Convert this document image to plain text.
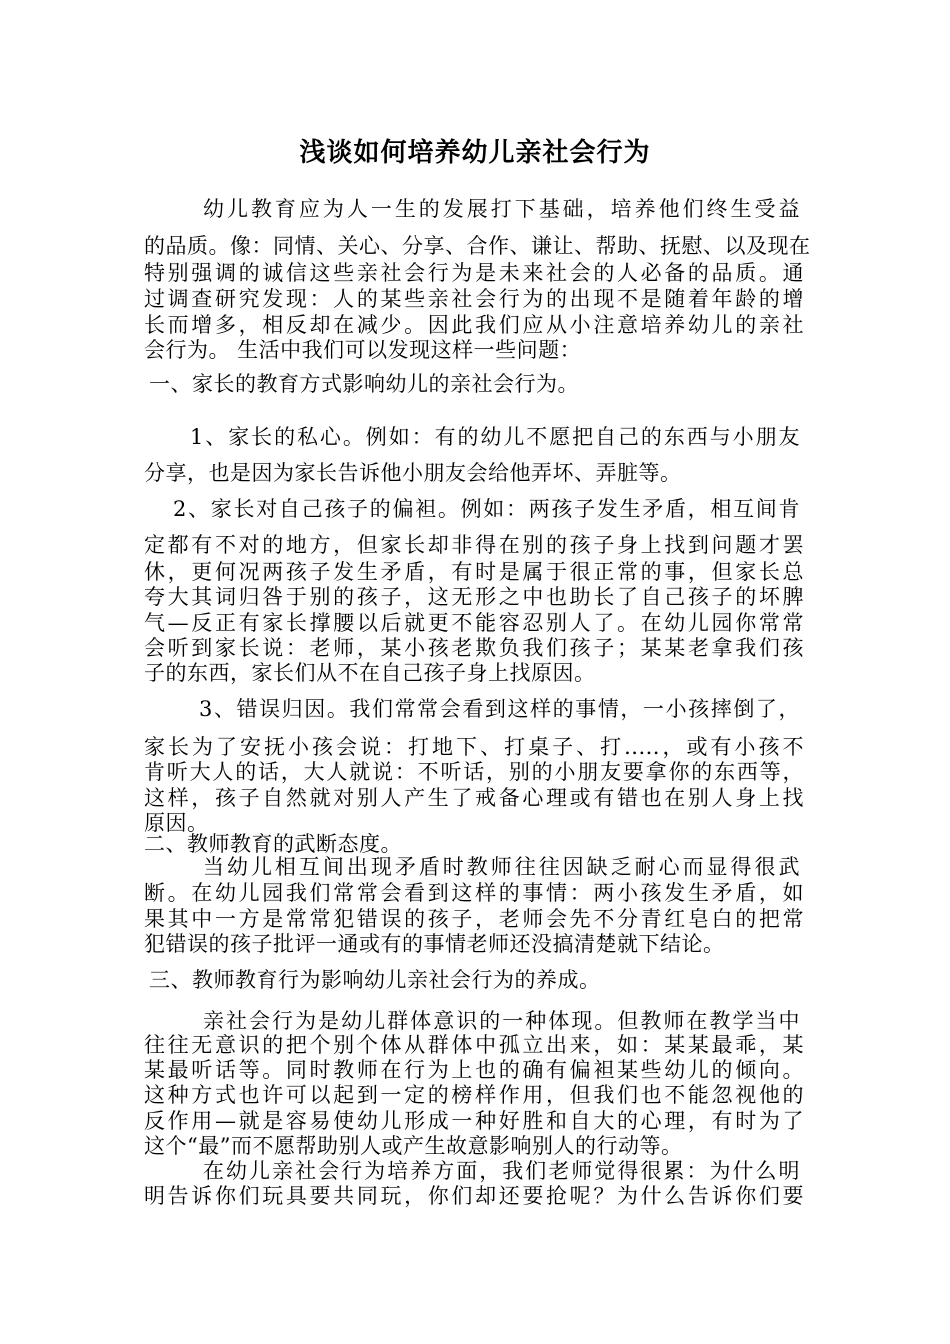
浅谈如何培养幼儿亲社会行为
幼儿教育应为人一生的发展打下基础，培养他们终生受益
的品质。像：同情、关心、分享、合作、谦让、帮助、抚慰、以及现在
特别强调的诚信这些亲社会行为是未来社会的人必备的品质。通
过调查研究发现：人的某些亲社会行为的出现不是随着年龄的增
长而增多，相反却在减少。因此我们应从小注意培养幼儿的亲社
会行为。 生活中我们可以发现这样一些问题：
一、家长的教育方式影响幼儿的亲社会行为。
1、家长的私心。例如：有的幼儿不愿把自己的东西与小朋友
分享，也是因为家长告诉他小朋友会给他弄坏、弄脏等。
2、家长对自己孩子的偏袒。例如：两孩子发生矛盾，相互间肯
定都有不对的地方，但家长却非得在别的孩子身上找到问题才罢
休，更何况两孩子发生矛盾，有时是属于很正常的事，但家长总
夸大其词归咎于别的孩子，这无形之中也助长了自己孩子的坏脾
气—反正有家长撑腰以后就更不能容忍别人了。在幼儿园你常常
会听到家长说：老师，某小孩老欺负我们孩子；某某老拿我们孩
子的东西，家长们从不在自己孩子身上找原因。
3、错误归因。我们常常会看到这样的事情，一小孩摔倒了，
家长为了安抚小孩会说：打地下、打桌子、打.....，或有小孩不
肯听大人的话，大人就说：不听话，别的小朋友要拿你的东西等，
这样，孩子自然就对别人产生了戒备心理或有错也在别人身上找
原因。
二、教师教育的武断态度。
当幼儿相互间出现矛盾时教师往往因缺乏耐心而显得很武
断。在幼儿园我们常常会看到这样的事情：两小孩发生矛盾，如
果其中一方是常常犯错误的孩子，老师会先不分青红皂白的把常
犯错误的孩子批评一通或有的事情老师还没搞清楚就下结论。
三、教师教育行为影响幼儿亲社会行为的养成。
亲社会行为是幼儿群体意识的一种体现。但教师在教学当中
往往无意识的把个别个体从群体中孤立出来，如：某某最乖，某
某最听话等。同时教师在行为上也的确有偏袒某些幼儿的倾向。
这种方式也许可以起到一定的榜样作用，但我们也不能忽视他的
反作用—就是容易使幼儿形成一种好胜和自大的心理，有时为了
这个“最”而不愿帮助别人或产生故意影响别人的行动等。
在幼儿亲社会行为培养方面，我们老师觉得很累：为什么明
明告诉你们玩具要共同玩，你们却还要抢呢？为什么告诉你们要
